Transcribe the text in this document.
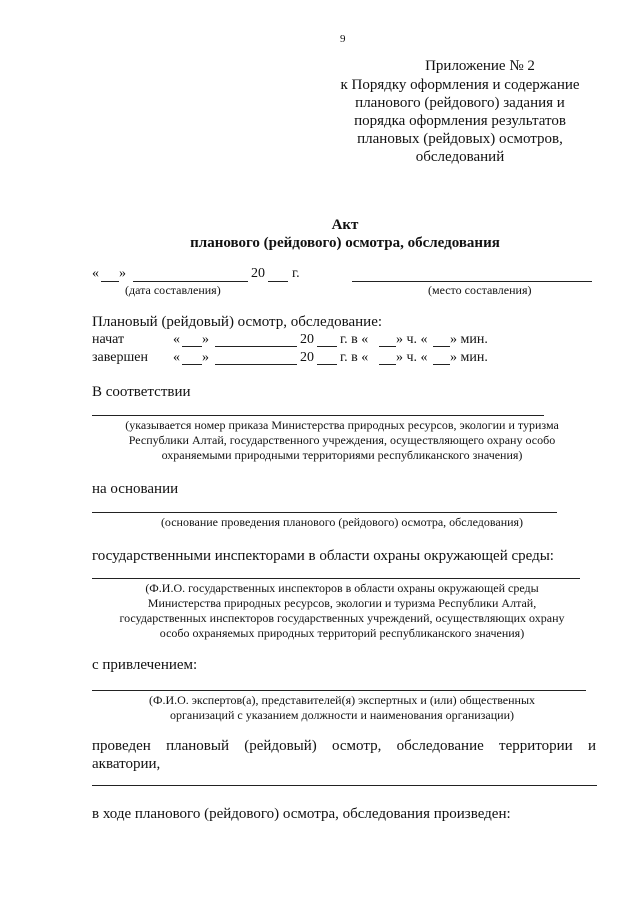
9
Приложение № 2
к Порядку оформления и содержание
планового (рейдового) задания и
порядка оформления результатов
плановых (рейдовых) осмотров,
обследований
Акт
планового (рейдового) осмотра, обследования
« »	20 г.
(дата составления)	(место составления)
Плановый (рейдовый) осмотр, обследование:
начат	« »	20 г. в « » ч. « » мин.
завершен « »	20 г. в « » ч. « » мин.
В соответствии
(указывается номер приказа Министерства природных ресурсов, экологии и туризма
Республики Алтай, государственного учреждения, осуществляющего охрану особо
охраняемыми природными территориями республиканского значения)
на основании
(основание проведения планового (рейдового) осмотра, обследования)
государственными инспекторами в области охраны окружающей среды:
(Ф.И.О. государственных инспекторов в области охраны окружающей среды
Министерства природных ресурсов, экологии и туризма Республики Алтай,
государственных инспекторов государственных учреждений, осуществляющих охрану
особо охраняемых природных территорий республиканского значения)
с привлечением:
(Ф.И.О. экспертов(а), представителей(я) экспертных и (или) общественных
организаций с указанием должности и наименования организации)
проведен плановый (рейдовый) осмотр, обследование территории и
акватории,
в ходе планового (рейдового) осмотра, обследования произведен:
